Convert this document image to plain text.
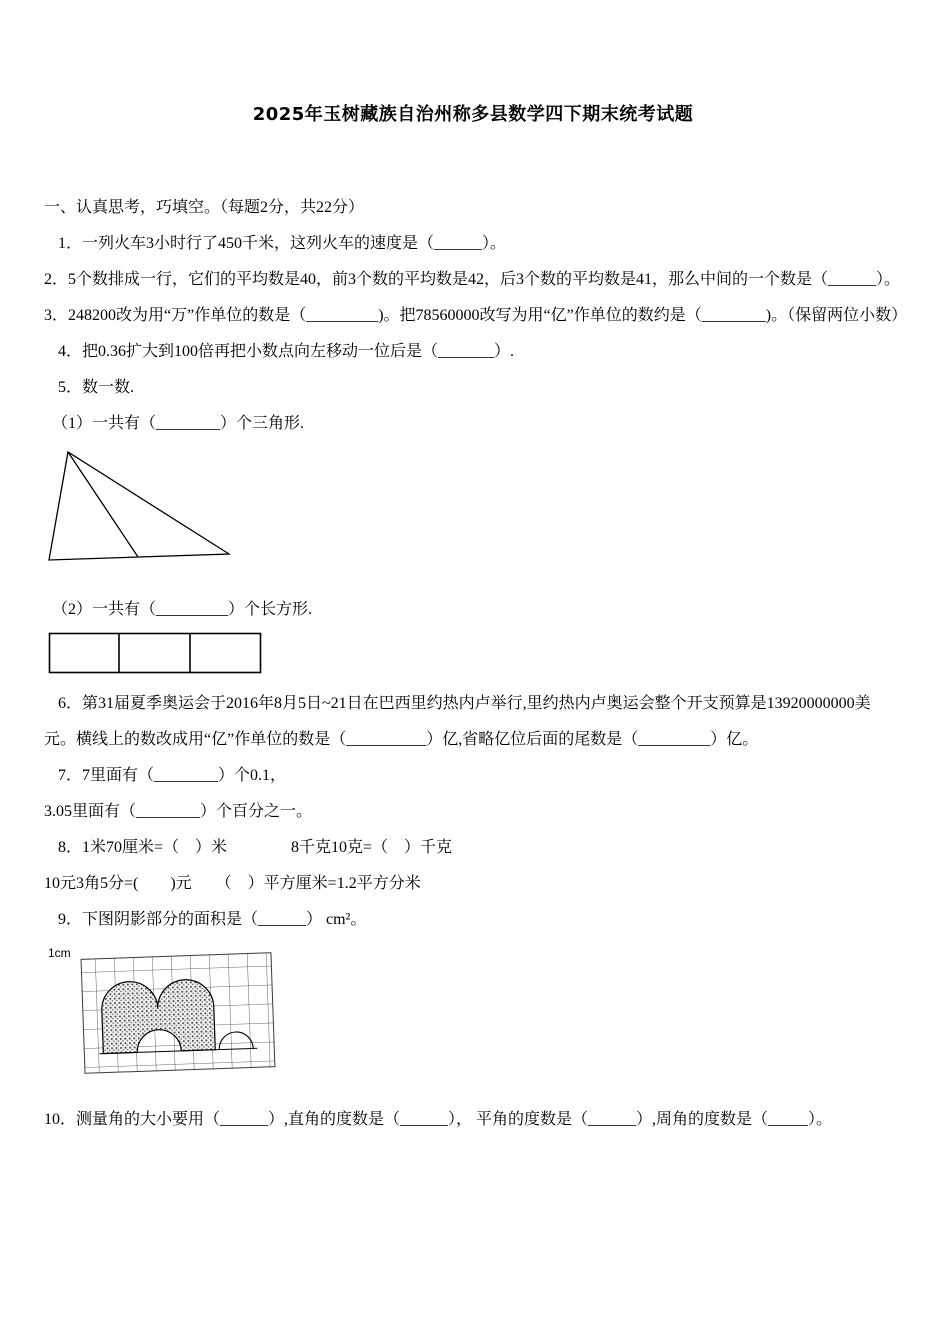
2025年玉树藏族自治州称多县数学四下期末统考试题

一、认真思考，巧填空。（每题2分，共22分）

1．一列火车3小时行了450千米，这列火车的速度是（______）。

2．5个数排成一行，它们的平均数是40，前3个数的平均数是42，后3个数的平均数是41，那么中间的一个数是（______）。

3．248200改为用“万”作单位的数是（_________)。把78560000改写为用“亿”作单位的数约是（________)。（保留两位小数）

4．把0.36扩大到100倍再把小数点向左移动一位后是（_______）.

5．数一数.

（1）一共有（________）个三角形.

（2）一共有（_________）个长方形.

6．第31届夏季奥运会于2016年8月5日~21日在巴西里约热内卢举行,里约热内卢奥运会整个开支预算是13920000000美元。横线上的数改成用“亿”作单位的数是（__________）亿,省略亿位后面的尾数是（_________）亿。

7．7里面有（________）个0.1，

3.05里面有（________）个百分之一。

8．1米70厘米=（　）米　　　　8千克10克=（　）千克

10元3角5分=(　　)元　　（　）平方厘米=1.2平方分米

9．下图阴影部分的面积是（______） cm²。

1cm

10．测量角的大小要用（______）,直角的度数是（______）， 平角的度数是（______）,周角的度数是（_____）。
